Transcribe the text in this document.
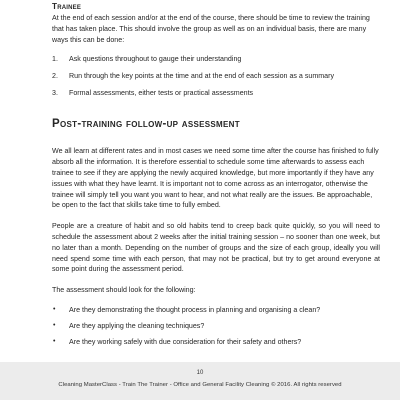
Trainee

At the end of each session and/or at the end of the course, there should be time to review the training that has taken place. This should involve the group as well as on an individual basis, there are many ways this can be done:

1. Ask questions throughout to gauge their understanding
2. Run through the key points at the time and at the end of each session as a summary
3. Formal assessments, either tests or practical assessments
Post-training follow-up assessment

We all learn at different rates and in most cases we need some time after the course has finished to fully absorb all the information. It is therefore essential to schedule some time afterwards to assess each trainee to see if they are applying the newly acquired knowledge, but more importantly if they have any issues with what they have learnt. It is important not to come across as an interrogator, otherwise the trainee will simply tell you want you want to hear, and not what really are the issues. Be approachable, be open to the fact that skills take time to fully embed.

People are a creature of habit and so old habits tend to creep back quite quickly, so you will need to schedule the assessment about 2 weeks after the initial training session – no sooner than one week, but no later than a month. Depending on the number of groups and the size of each group, ideally you will need spend some time with each person, that may not be practical, but try to get around everyone at some point during the assessment period.

The assessment should look for the following:

• Are they demonstrating the thought process in planning and organising a clean?
• Are they applying the cleaning techniques?
• Are they working safely with due consideration for their safety and others?
10
Cleaning MasterClass - Train The Trainer - Office and General Facility Cleaning © 2016. All rights reserved
